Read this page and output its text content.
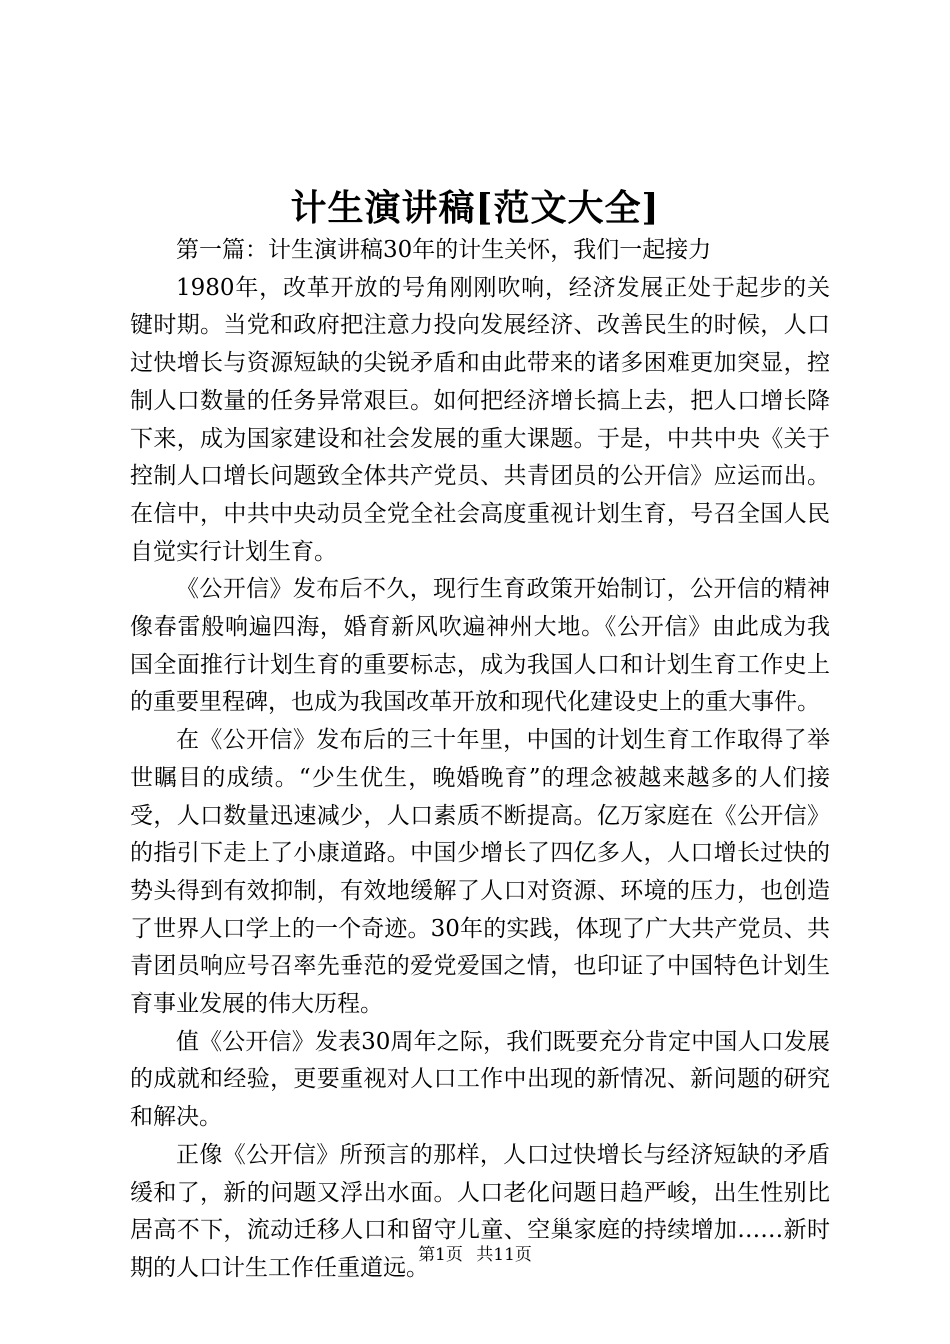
计生演讲稿[范文大全]

第一篇：计生演讲稿30年的计生关怀，我们一起接力

1980年，改革开放的号角刚刚吹响，经济发展正处于起步的关键时期。当党和政府把注意力投向发展经济、改善民生的时候，人口过快增长与资源短缺的尖锐矛盾和由此带来的诸多困难更加突显，控制人口数量的任务异常艰巨。如何把经济增长搞上去，把人口增长降下来，成为国家建设和社会发展的重大课题。于是，中共中央《关于控制人口增长问题致全体共产党员、共青团员的公开信》应运而出。在信中，中共中央动员全党全社会高度重视计划生育，号召全国人民自觉实行计划生育。

《公开信》发布后不久，现行生育政策开始制订，公开信的精神像春雷般响遍四海，婚育新风吹遍神州大地。《公开信》由此成为我国全面推行计划生育的重要标志，成为我国人口和计划生育工作史上的重要里程碑，也成为我国改革开放和现代化建设史上的重大事件。

在《公开信》发布后的三十年里，中国的计划生育工作取得了举世瞩目的成绩。“少生优生，晚婚晚育”的理念被越来越多的人们接受，人口数量迅速减少，人口素质不断提高。亿万家庭在《公开信》的指引下走上了小康道路。中国少增长了四亿多人，人口增长过快的势头得到有效抑制，有效地缓解了人口对资源、环境的压力，也创造了世界人口学上的一个奇迹。30年的实践，体现了广大共产党员、共青团员响应号召率先垂范的爱党爱国之情，也印证了中国特色计划生育事业发展的伟大历程。

值《公开信》发表30周年之际，我们既要充分肯定中国人口发展的成就和经验，更要重视对人口工作中出现的新情况、新问题的研究和解决。

正像《公开信》所预言的那样，人口过快增长与经济短缺的矛盾缓和了，新的问题又浮出水面。人口老化问题日趋严峻，出生性别比居高不下，流动迁移人口和留守儿童、空巢家庭的持续增加……新时期的人口计生工作任重道远。

第1页 共11页
